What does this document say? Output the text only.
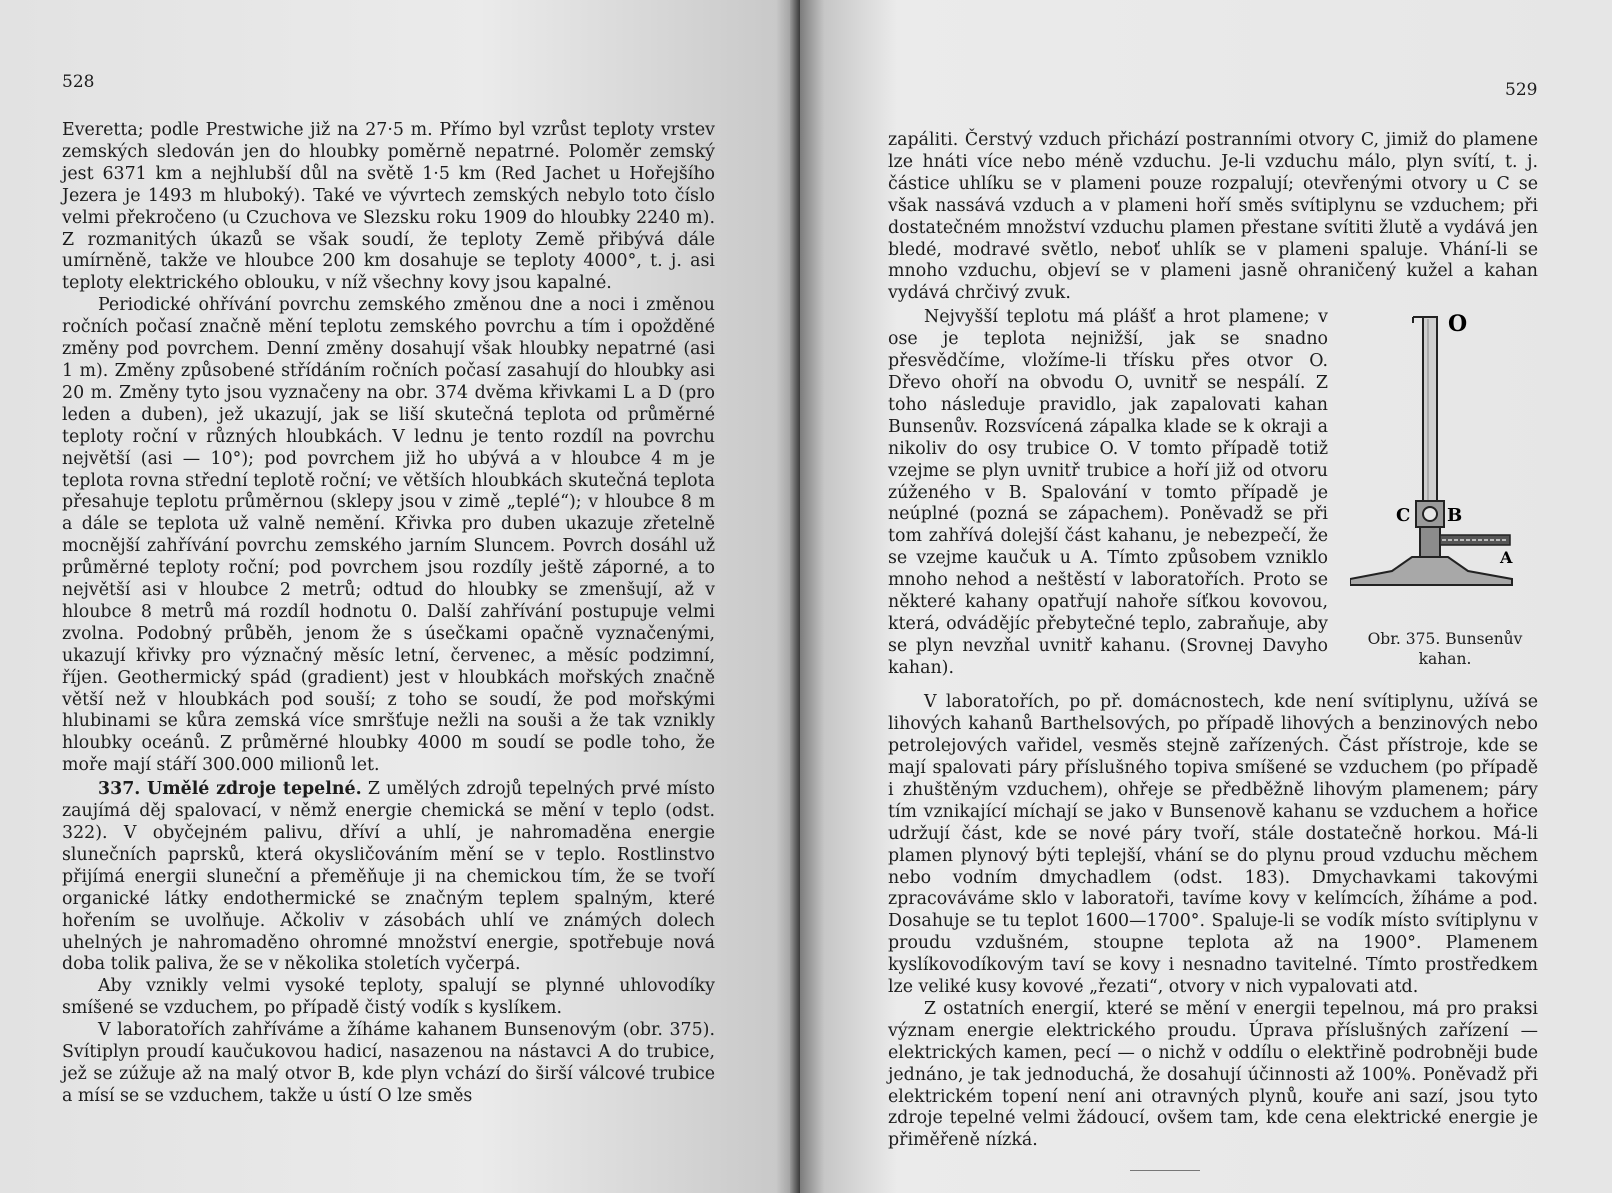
528

Everetta; podle Prestwiche již na 27·5 m. Přímo byl vzrůst teploty vrstev zemských sledován jen do hloubky poměrně nepatrné. Poloměr zemský jest 6371 km a nejhlubší důl na světě 1·5 km (Red Jachet u Hořejšího Jezera je 1493 m hluboký). Také ve vývrtech zemských nebylo toto číslo velmi překročeno (u Czuchova ve Slezsku roku 1909 do hloubky 2240 m). Z rozmanitých úkazů se však soudí, že teploty Země přibývá dále umírněně, takže ve hloubce 200 km dosahuje se teploty 4000°, t. j. asi teploty elektrického oblouku, v níž všechny kovy jsou kapalné.

Periodické ohřívání povrchu zemského změnou dne a noci i změnou ročních počasí značně mění teplotu zemského povrchu a tím i opožděné změny pod povrchem. Denní změny dosahují však hloubky nepatrné (asi 1 m). Změny způsobené střídáním ročních počasí zasahují do hloubky asi 20 m. Změny tyto jsou vyznačeny na obr. 374 dvěma křivkami L a D (pro leden a duben), jež ukazují, jak se liší skutečná teplota od průměrné teploty roční v různých hloubkách. V lednu je tento rozdíl na povrchu největší (asi — 10°); pod povrchem již ho ubývá a v hloubce 4 m je teplota rovna střední teplotě roční; ve větších hloubkách skutečná teplota přesahuje teplotu průměrnou (sklepy jsou v zimě „teplé“); v hloubce 8 m a dále se teplota už valně nemění. Křivka pro duben ukazuje zřetelně mocnější zahřívání povrchu zemského jarním Sluncem. Povrch dosáhl už průměrné teploty roční; pod povrchem jsou rozdíly ještě záporné, a to největší asi v hloubce 2 metrů; odtud do hloubky se zmenšují, až v hloubce 8 metrů má rozdíl hodnotu 0. Další zahřívání postupuje velmi zvolna. Podobný průběh, jenom že s úsečkami opačně vyznačenými, ukazují křivky pro význačný měsíc letní, červenec, a měsíc podzimní, říjen. Geothermický spád (gradient) jest v hloubkách mořských značně větší než v hloubkách pod souší; z toho se soudí, že pod mořskými hlubinami se kůra zemská více smršťuje nežli na souši a že tak vznikly hloubky oceánů. Z průměrné hloubky 4000 m soudí se podle toho, že moře mají stáří 300.000 milionů let.

337. Umělé zdroje tepelné. Z umělých zdrojů tepelných prvé místo zaujímá děj spalovací, v němž energie chemická se mění v teplo (odst. 322). V obyčejném palivu, dříví a uhlí, je nahromaděna energie slunečních paprsků, která okysličováním mění se v teplo. Rostlinstvo přijímá energii sluneční a přeměňuje ji na chemickou tím, že se tvoří organické látky endothermické se značným teplem spalným, které hořením se uvolňuje. Ačkoliv v zásobách uhlí ve známých dolech uhelných je nahromaděno ohromné množství energie, spotřebuje nová doba tolik paliva, že se v několika stoletích vyčerpá.

Aby vznikly velmi vysoké teploty, spalují se plynné uhlovodíky smíšené se vzduchem, po případě čistý vodík s kyslíkem.

V laboratořích zahříváme a žíháme kahanem Bunsenovým (obr. 375). Svítiplyn proudí kaučukovou hadicí, nasazenou na nástavci A do trubice, jež se zúžuje až na malý otvor B, kde plyn vchází do širší válcové trubice a mísí se se vzduchem, takže u ústí O lze směs

529

zapáliti. Čerstvý vzduch přichází postranními otvory C, jimiž do plamene lze hnáti více nebo méně vzduchu. Je-li vzduchu málo, plyn svítí, t. j. částice uhlíku se v plameni pouze rozpalují; otevřenými otvory u C se však nassává vzduch a v plameni hoří směs svítiplynu se vzduchem; při dostatečném množství vzduchu plamen přestane svítiti žlutě a vydává jen bledé, modravé světlo, neboť uhlík se v plameni spaluje. Vhání-li se mnoho vzduchu, objeví se v plameni jasně ohraničený kužel a kahan vydává chrčivý zvuk.

Nejvyšší teplotu má plášť a hrot plamene; v ose je teplota nejnižší, jak se snadno přesvědčíme, vložíme-li třísku přes otvor O. Dřevo ohoří na obvodu O, uvnitř se nespálí. Z toho následuje pravidlo, jak zapalovati kahan Bunsenův. Rozsvícená zápalka klade se k okraji a nikoliv do osy trubice O. V tomto případě totiž vzejme se plyn uvnitř trubice a hoří již od otvoru zúženého v B. Spalování v tomto případě je neúplné (pozná se zápachem). Poněvadž se při tom zahřívá dolejší část kahanu, je nebezpečí, že se vzejme kaučuk u A. Tímto způsobem vzniklo mnoho nehod a neštěstí v laboratořích. Proto se některé kahany opatřují nahoře síťkou kovovou, která, odvádějíc přebytečné teplo, zabraňuje, aby se plyn nevzňal uvnitř kahanu. (Srovnej Davyho kahan).

O
C B
A
Obr. 375. Bunsenův kahan.

V laboratořích, po př. domácnostech, kde není svítiplynu, užívá se lihových kahanů Barthelsových, po případě lihových a benzinových nebo petrolejových vařidel, vesměs stejně zařízených. Část přístroje, kde se mají spalovati páry příslušného topiva smíšené se vzduchem (po případě i zhuštěným vzduchem), ohřeje se předběžně lihovým plamenem; páry tím vznikající míchají se jako v Bunsenově kahanu se vzduchem a hořice udržují část, kde se nové páry tvoří, stále dostatečně horkou. Má-li plamen plynový býti teplejší, vhání se do plynu proud vzduchu měchem nebo vodním dmychadlem (odst. 183). Dmychavkami takovými zpracováváme sklo v laboratoři, tavíme kovy v kelímcích, žíháme a pod. Dosahuje se tu teplot 1600—1700°. Spaluje-li se vodík místo svítiplynu v proudu vzdušném, stoupne teplota až na 1900°. Plamenem kyslíkovodíkovým taví se kovy i nesnadno tavitelné. Tímto prostředkem lze veliké kusy kovové „řezati“, otvory v nich vypalovati atd.

Z ostatních energií, které se mění v energii tepelnou, má pro praksi význam energie elektrického proudu. Úprava příslušných zařízení — elektrických kamen, pecí — o nichž v oddílu o elektřině podrobněji bude jednáno, je tak jednoduchá, že dosahují účinnosti až 100%. Poněvadž při elektrickém topení není ani otravných plynů, kouře ani sazí, jsou tyto zdroje tepelné velmi žádoucí, ovšem tam, kde cena elektrické energie je přiměřeně nízká.
